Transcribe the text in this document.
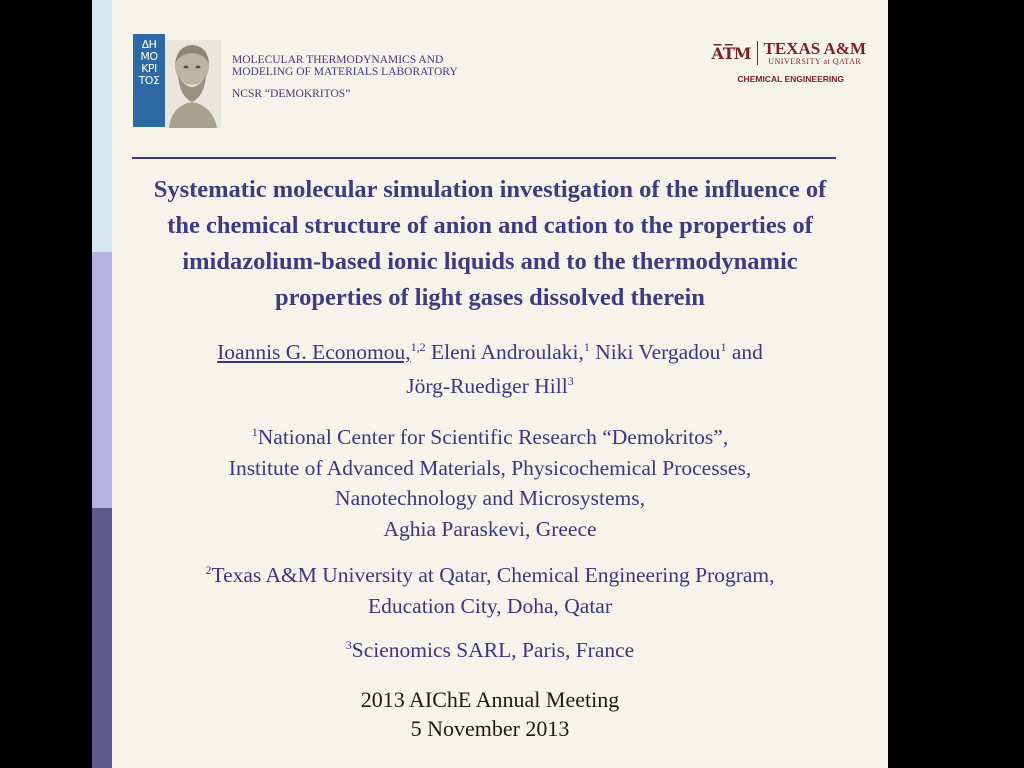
ΔΗ
ΜΟ
ΚΡΙ
ΤΟΣ
MOLECULAR THERMODYNAMICS AND
MODELING OF MATERIALS LABORATORY
NCSR “DEMOKRITOS”
A̅T̅M TEXAS A&M
UNIVERSITY at QATAR
CHEMICAL ENGINEERING
Systematic molecular simulation investigation of the influence of
the chemical structure of anion and cation to the properties of
imidazolium-based ionic liquids and to the thermodynamic
properties of light gases dissolved therein
Ioannis G. Economou,$^{1,2}$ Eleni Androulaki,$^1$ Niki Vergadou$^1$ and
Jörg-Ruediger Hill$^3$
$^1$National Center for Scientific Research “Demokritos”,
Institute of Advanced Materials, Physicochemical Processes,
Nanotechnology and Microsystems,
Aghia Paraskevi, Greece
$^2$Texas A&M University at Qatar, Chemical Engineering Program,
Education City, Doha, Qatar
$^3$Scienomics SARL, Paris, France
2013 AIChE Annual Meeting
5 November 2013
